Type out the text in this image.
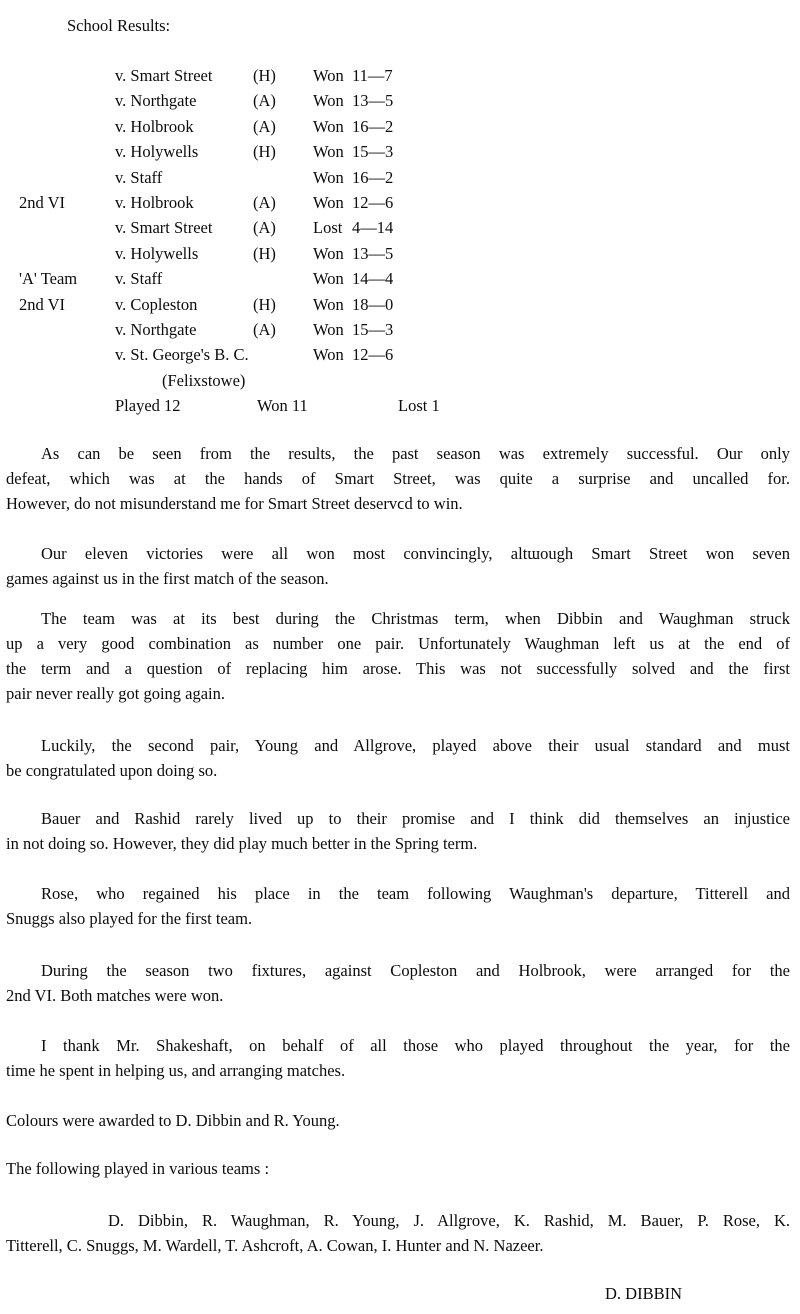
School Results:
v. Smart Street (H) Won 11—7
v. Northgate	(A) Won 13—5
v. Holbrook	(A) Won 16—2
v. Holywells	(H) Won 15—3
v. Staff	Won 16—2
2nd VI	v. Holbrook	(A) Won 12—6
v. Smart Street (A) Lost 4—14
v. Holywells	(H) Won 13—5
'A' Team v. Staff	Won 14—4
2nd VI	v. Copleston	(H) Won 18—0
v. Northgate	(A) Won 15—3
v. St. George's B. C.	Won 12—6
(Felixstowe)
Played 12	Won 11	Lost 1
As can be seen from the results, the past season was extremely successful. Our only
defeat, which was at the hands of Smart Street, was quite a surprise and uncalled for.
However, do not misunderstand me for Smart Street deservϲd to win.
Our eleven victories were all won most convincingly, altɯough Smart Street won seven
games against us in the first match of the season.
The team was at its best during the Christmas term, when Dibbin and Waughman struck
up a very good combination as number one pair. Unfortunately Waughman left us at the end of
the term and a question of replacing him arose. This was not successfully solved and the first
pair never really got going again.
Luckily, the second pair, Young and Allgrove, played above their usual standard and must
be congratulated upon doing so.
Bauer and Rashid rarely lived up to their promise and I think did themselves an injustice
in not doing so. However, they did play much better in the Spring term.
Rose, who regained his place in the team following Waughman's departure, Titterell and
Snuggs also played for the first team.
During the season two fixtures, against Copleston and Holbrook, were arranged for the
2nd VI. Both matches were won.
I thank Mr. Shakeshaft, on behalf of all those who played throughout the year, for the
time he spent in helping us, and arranging matches.
Colours were awarded to D. Dibbin and R. Young.
The following played in various teams :
D. Dibbin, R. Waughman, R. Young, J. Allgrove, K. Rashid, M. Bauer, P. Rose, K.
Titterell, C. Snuggs, M. Wardell, T. Ashcroft, A. Cowan, I. Hunter and N. Nazeer.
D. DIBBIN
